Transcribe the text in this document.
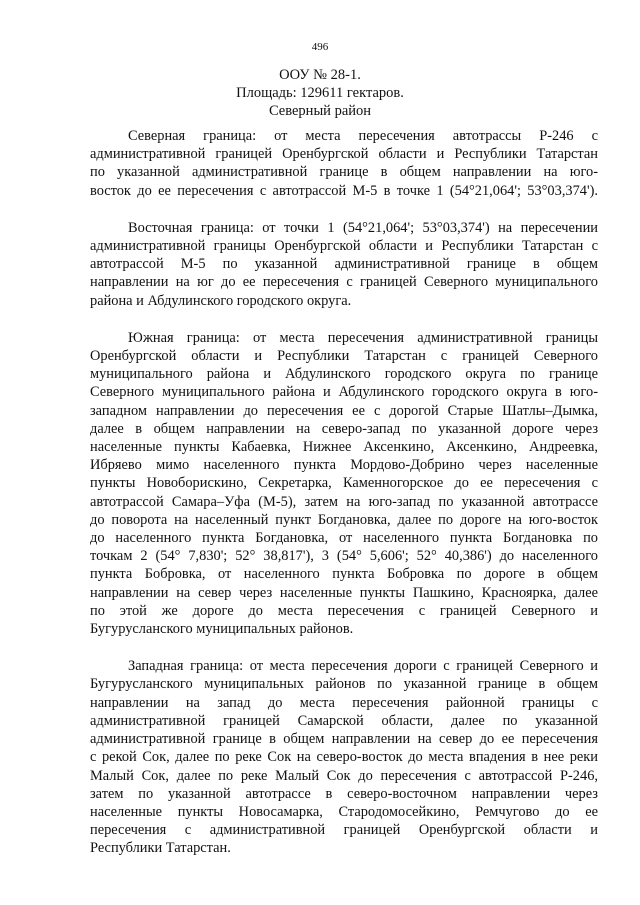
496
ООУ № 28-1.
Площадь: 129611 гектаров.
Северный район
Северная граница: от места пересечения автотрассы Р-246 с
административной границей Оренбургской области и Республики Татарстан
по указанной административной границе в общем направлении на юго-
восток до ее пересечения с автотрассой М-5 в точке 1 (54°21,064'; 53°03,374').
Восточная граница: от точки 1 (54°21,064'; 53°03,374') на пересечении
административной границы Оренбургской области и Республики Татарстан с
автотрассой М-5 по указанной административной границе в общем
направлении на юг до ее пересечения с границей Северного муниципального
района и Абдулинского городского округа.
Южная граница: от места пересечения административной границы
Оренбургской области и Республики Татарстан с границей Северного
муниципального района и Абдулинского городского округа по границе
Северного муниципального района и Абдулинского городского округа в юго-
западном направлении до пересечения ее с дорогой Старые Шатлы–Дымка,
далее в общем направлении на северо-запад по указанной дороге через
населенные пункты Кабаевка, Нижнее Аксенкино, Аксенкино, Андреевка,
Ибряево мимо населенного пункта Мордово-Добрино через населенные
пункты Новоборискино, Секретарка, Каменногорское до ее пересечения с
автотрассой Самара–Уфа (М-5), затем на юго-запад по указанной автотрассе
до поворота на населенный пункт Богдановка, далее по дороге на юго-восток
до населенного пункта Богдановка, от населенного пункта Богдановка по
точкам 2 (54° 7,830'; 52° 38,817'), 3 (54° 5,606'; 52° 40,386') до населенного
пункта Бобровка, от населенного пункта Бобровка по дороге в общем
направлении на север через населенные пункты Пашкино, Красноярка, далее
по этой же дороге до места пересечения с границей Северного и
Бугурусланского муниципальных районов.
Западная граница: от места пересечения дороги с границей Северного и
Бугурусланского муниципальных районов по указанной границе в общем
направлении на запад до места пересечения районной границы с
административной границей Самарской области, далее по указанной
административной границе в общем направлении на север до ее пересечения
с рекой Сок, далее по реке Сок на северо-восток до места впадения в нее реки
Малый Сок, далее по реке Малый Сок до пересечения с автотрассой Р-246,
затем по указанной автотрассе в северо-восточном направлении через
населенные пункты Новосамарка, Стародомосейкино, Ремчугово до ее
пересечения с административной границей Оренбургской области и
Республики Татарстан.
